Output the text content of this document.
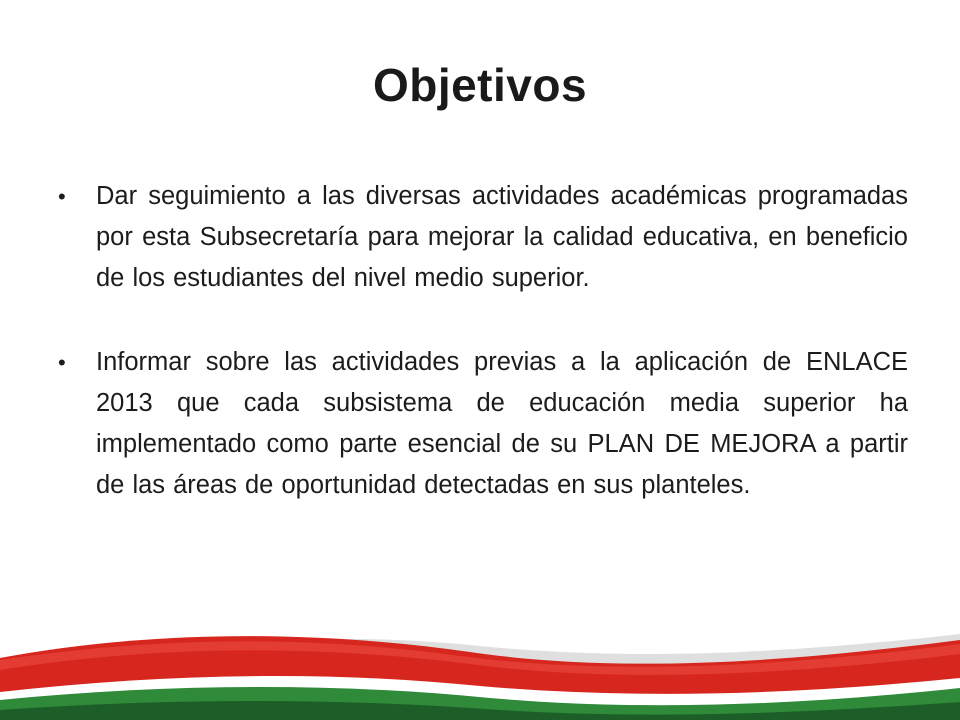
Objetivos
• Dar seguimiento a las diversas actividades académicas programadas por esta Subsecretaría para mejorar la calidad educativa, en beneficio de los estudiantes del nivel medio superior.
• Informar sobre las actividades previas a la aplicación de ENLACE 2013 que cada subsistema de educación media superior ha implementado como parte esencial de su PLAN DE MEJORA a partir de las áreas de oportunidad detectadas en sus planteles.
